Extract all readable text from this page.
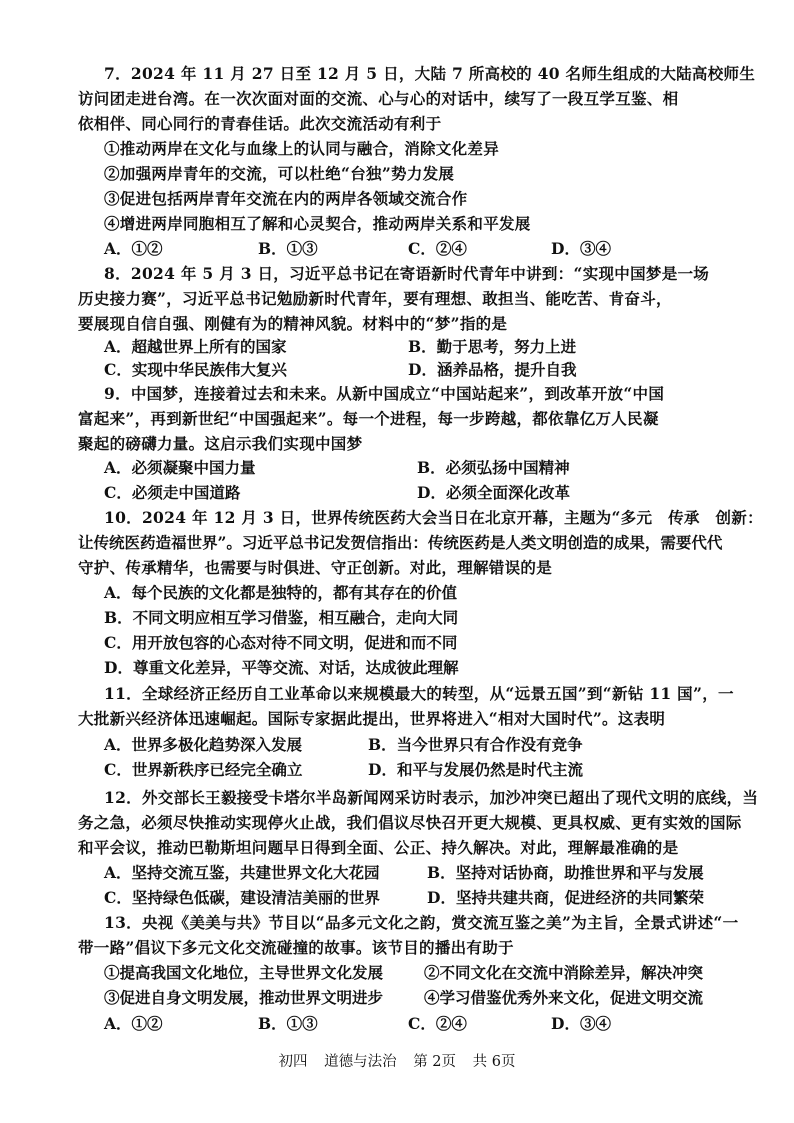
7．2024 年 11 月 27 日至 12 月 5 日，大陆 7 所高校的 40 名师生组成的大陆高校师生
访问团走进台湾。在一次次面对面的交流、心与心的对话中，续写了一段互学互鉴、相
依相伴、同心同行的青春佳话。此次交流活动有利于
①推动两岸在文化与血缘上的认同与融合，消除文化差异
②加强两岸青年的交流，可以杜绝“台独”势力发展
③促进包括两岸青年交流在内的两岸各领域交流合作
④增进两岸同胞相互了解和心灵契合，推动两岸关系和平发展
A．①②	B．①③	C．②④	D．③④
8．2024 年 5 月 3 日，习近平总书记在寄语新时代青年中讲到：“实现中国梦是一场
历史接力赛”，习近平总书记勉励新时代青年，要有理想、敢担当、能吃苦、肯奋斗，
要展现自信自强、刚健有为的精神风貌。材料中的“梦”指的是
A．超越世界上所有的国家	B．勤于思考，努力上进
C．实现中华民族伟大复兴	D．涵养品格，提升自我
9．中国梦，连接着过去和未来。从新中国成立“中国站起来”，到改革开放“中国
富起来”，再到新世纪“中国强起来”。每一个进程，每一步跨越，都依靠亿万人民凝
聚起的磅礴力量。这启示我们实现中国梦
A．必须凝聚中国力量	B．必须弘扬中国精神
C．必须走中国道路	D．必须全面深化改革
10．2024 年 12 月 3 日，世界传统医药大会当日在北京开幕，主题为“多元　传承　创新：
让传统医药造福世界”。习近平总书记发贺信指出：传统医药是人类文明创造的成果，需要代代
守护、传承精华，也需要与时俱进、守正创新。对此，理解错误的是
A．每个民族的文化都是独特的，都有其存在的价值
B．不同文明应相互学习借鉴，相互融合，走向大同
C．用开放包容的心态对待不同文明，促进和而不同
D．尊重文化差异，平等交流、对话，达成彼此理解
11．全球经济正经历自工业革命以来规模最大的转型，从“远景五国”到“新钻 11 国”，一
大批新兴经济体迅速崛起。国际专家据此提出，世界将进入“相对大国时代”。这表明
A．世界多极化趋势深入发展	B．当今世界只有合作没有竞争
C．世界新秩序已经完全确立	D．和平与发展仍然是时代主流
12．外交部长王毅接受卡塔尔半岛新闻网采访时表示，加沙冲突已超出了现代文明的底线，当
务之急，必须尽快推动实现停火止战，我们倡议尽快召开更大规模、更具权威、更有实效的国际
和平会议，推动巴勒斯坦问题早日得到全面、公正、持久解决。对此，理解最准确的是
A．坚持交流互鉴，共建世界文化大花园	B．坚持对话协商，助推世界和平与发展
C．坚持绿色低碳，建设清洁美丽的世界	D．坚持共建共商，促进经济的共同繁荣
13．央视《美美与共》节目以“品多元文化之韵，赏交流互鉴之美”为主旨，全景式讲述“一
带一路”倡议下多元文化交流碰撞的故事。该节目的播出有助于
①提高我国文化地位，主导世界文化发展	②不同文化在交流中消除差异，解决冲突
③促进自身文明发展，推动世界文明进步	④学习借鉴优秀外来文化，促进文明交流
A．①②	B．①③	C．②④	D．③④
初四 道德与法治 第 2页 共 6页
